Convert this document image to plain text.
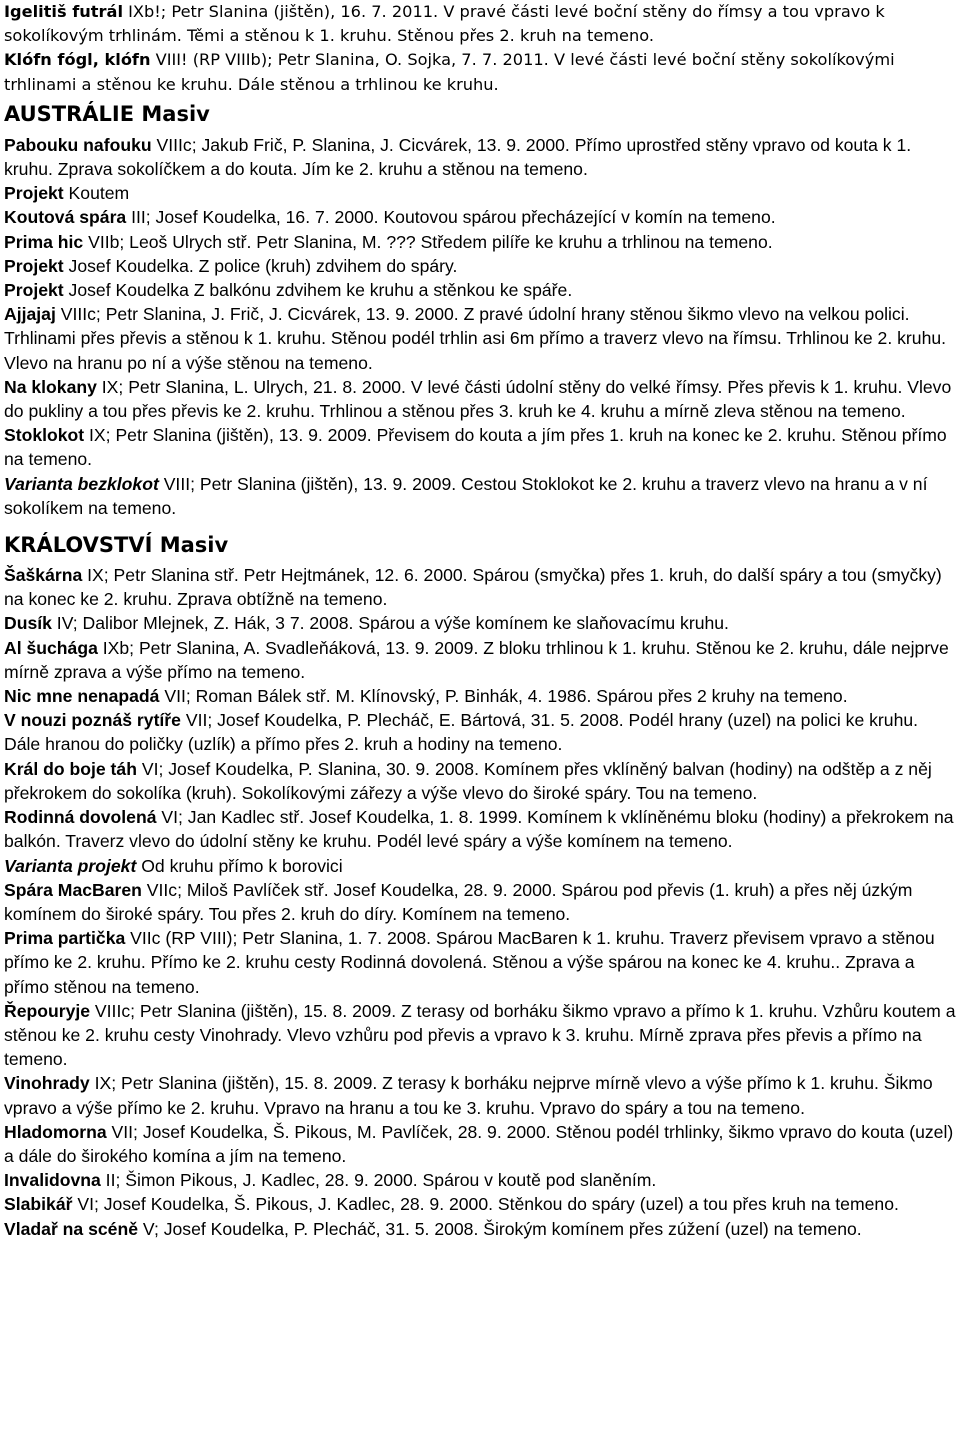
Igelitiš futrál IXb!; Petr Slanina (jištěn), 16. 7. 2011. V pravé části levé boční stěny do římsy a tou vpravo k sokolíkovým trhlinám. Těmi a stěnou k 1. kruhu. Stěnou přes 2. kruh na temeno.

Klófn fógl, klófn VIII! (RP VIIIb); Petr Slanina, O. Sojka, 7. 7. 2011. V levé části levé boční stěny sokolíkovými trhlinami a stěnou ke kruhu. Dále stěnou a trhlinou ke kruhu.

AUSTRÁLIE Masiv

Pabouku nafouku VIIIc; Jakub Frič, P. Slanina, J. Cicvárek, 13. 9. 2000. Přímo uprostřed stěny vpravo od kouta k 1. kruhu. Zprava sokolíčkem a do kouta. Jím ke 2. kruhu a stěnou na temeno.

Projekt Koutem

Koutová spára III; Josef Koudelka, 16. 7. 2000. Koutovou spárou přecházející v komín na temeno.

Prima hic VIIb; Leoš Ulrych stř. Petr Slanina, M. ??? Středem pilíře ke kruhu a trhlinou na temeno.

Projekt Josef Koudelka. Z police (kruh) zdvihem do spáry.

Projekt Josef Koudelka Z balkónu zdvihem ke kruhu a stěnkou ke spáře.

Ajjajaj VIIIc; Petr Slanina, J. Frič, J. Cicvárek, 13. 9. 2000. Z pravé údolní hrany stěnou šikmo vlevo na velkou polici. Trhlinami přes převis a stěnou k 1. kruhu. Stěnou podél trhlin asi 6m přímo a traverz vlevo na římsu. Trhlinou ke 2. kruhu. Vlevo na hranu po ní a výše stěnou na temeno.

Na klokany IX; Petr Slanina, L. Ulrych, 21. 8. 2000. V levé části údolní stěny do velké římsy. Přes převis k 1. kruhu. Vlevo do pukliny a tou přes převis ke 2. kruhu. Trhlinou a stěnou přes 3. kruh ke 4. kruhu a mírně zleva stěnou na temeno.

Stoklokot IX; Petr Slanina (jištěn), 13. 9. 2009. Převisem do kouta a jím přes 1. kruh na konec ke 2. kruhu. Stěnou přímo na temeno.

Varianta bezklokot VIII; Petr Slanina (jištěn), 13. 9. 2009. Cestou Stoklokot ke 2. kruhu a traverz vlevo na hranu a v ní sokolíkem na temeno.

KRÁLOVSTVÍ Masiv

Šaškárna IX; Petr Slanina stř. Petr Hejtmánek, 12. 6. 2000. Spárou (smyčka) přes 1. kruh, do další spáry a tou (smyčky) na konec ke 2. kruhu. Zprava obtížně na temeno.

Dusík IV; Dalibor Mlejnek, Z. Hák, 3 7. 2008. Spárou a výše komínem ke slaňovacímu kruhu.

Al šuchága IXb; Petr Slanina, A. Svadleňáková, 13. 9. 2009. Z bloku trhlinou k 1. kruhu. Stěnou ke 2. kruhu, dále nejprve mírně zprava a výše přímo na temeno.

Nic mne nenapadá VII; Roman Bálek stř. M. Klínovský, P. Binhák, 4. 1986. Spárou přes 2 kruhy na temeno.

V nouzi poznáš rytíře VII; Josef Koudelka, P. Plecháč, E. Bártová, 31. 5. 2008. Podél hrany (uzel) na polici ke kruhu. Dále hranou do poličky (uzlík) a přímo přes 2. kruh a hodiny na temeno.

Král do boje táh VI; Josef Koudelka, P. Slanina, 30. 9. 2008. Komínem přes vklíněný balvan (hodiny) na odštěp a z něj překrokem do sokolíka (kruh). Sokolíkovými zářezy a výše vlevo do široké spáry. Tou na temeno.

Rodinná dovolená VI; Jan Kadlec stř. Josef Koudelka, 1. 8. 1999. Komínem k vklíněnému bloku (hodiny) a překrokem na balkón. Traverz vlevo do údolní stěny ke kruhu. Podél levé spáry a výše komínem na temeno.

Varianta projekt Od kruhu přímo k borovici

Spára MacBaren VIIc; Miloš Pavlíček stř. Josef Koudelka, 28. 9. 2000. Spárou pod převis (1. kruh) a přes něj úzkým komínem do široké spáry. Tou přes 2. kruh do díry. Komínem na temeno.

Prima partička VIIc (RP VIII); Petr Slanina, 1. 7. 2008. Spárou MacBaren k 1. kruhu. Traverz převisem vpravo a stěnou přímo ke 2. kruhu. Přímo ke 2. kruhu cesty Rodinná dovolená. Stěnou a výše spárou na konec ke 4. kruhu.. Zprava a přímo stěnou na temeno.

Řepouryje VIIIc; Petr Slanina (jištěn), 15. 8. 2009. Z terasy od borháku šikmo vpravo a přímo k 1. kruhu. Vzhůru koutem a stěnou ke 2. kruhu cesty Vinohrady. Vlevo vzhůru pod převis a vpravo k 3. kruhu. Mírně zprava přes převis a přímo na temeno.

Vinohrady IX; Petr Slanina (jištěn), 15. 8. 2009. Z terasy k borháku nejprve mírně vlevo a výše přímo k 1. kruhu. Šikmo vpravo a výše přímo ke 2. kruhu. Vpravo na hranu a tou ke 3. kruhu. Vpravo do spáry a tou na temeno.

Hladomorna VII; Josef Koudelka, Š. Pikous, M. Pavlíček, 28. 9. 2000. Stěnou podél trhlinky, šikmo vpravo do kouta (uzel) a dále do širokého komína a jím na temeno.

Invalidovna II; Šimon Pikous, J. Kadlec, 28. 9. 2000. Spárou v koutě pod slaněním.

Slabikář VI; Josef Koudelka, Š. Pikous, J. Kadlec, 28. 9. 2000. Stěnkou do spáry (uzel) a tou přes kruh na temeno.

Vladař na scéně V; Josef Koudelka, P. Plecháč, 31. 5. 2008. Širokým komínem přes zúžení (uzel) na temeno.
